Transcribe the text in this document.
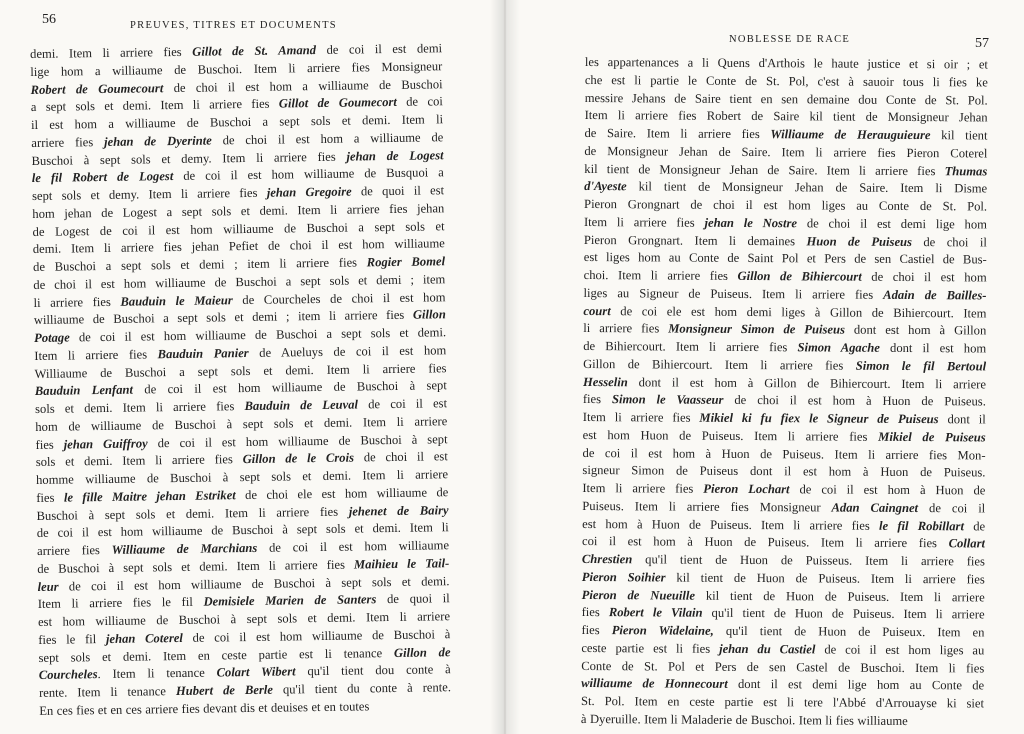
56	PREUVES, TITRES ET DOCUMENTS
demi. Item li arriere fies Gillot de St. Amand de coi il est demi
lige hom a williaume de Buschoi. Item li arriere fies Monsigneur
Robert de Goumecourt de choi il est hom a williaume de Buschoi
a sept sols et demi. Item li arriere fies Gillot de Goumecort de coi
il est hom a williaume de Buschoi a sept sols et demi. Item li
arriere fies jehan de Dyerinte de choi il est hom a williaume de
Buschoi à sept sols et demy. Item li arriere fies jehan de Logest
le fil Robert de Logest de coi il est hom williaume de Busquoi a
sept sols et demy. Item li arriere fies jehan Gregoire de quoi il est
hom jehan de Logest a sept sols et demi. Item li arriere fies jehan
de Logest de coi il est hom williaume de Buschoi a sept sols et
demi. Item li arriere fies jehan Pefiet de choi il est hom williaume
de Buschoi a sept sols et demi ; item li arriere fies Rogier Bomel
de choi il est hom williaume de Buschoi a sept sols et demi ; item
li arriere fies Bauduin le Maieur de Courcheles de choi il est hom
williaume de Buschoi a sept sols et demi ; item li arriere fies Gillon
Potage de coi il est hom williaume de Buschoi a sept sols et demi.
Item li arriere fies Bauduin Panier de Aueluys de coi il est hom
Williaume de Buschoi a sept sols et demi. Item li arriere fies
Bauduin Lenfant de coi il est hom williaume de Buschoi à sept
sols et demi. Item li arriere fies Bauduin de Leuval de coi il est
hom de williaume de Buschoi à sept sols et demi. Item li arriere
fies jehan Guiffroy de coi il est hom williaume de Buschoi à sept
sols et demi. Item li arriere fies Gillon de le Crois de choi il est
homme williaume de Buschoi à sept sols et demi. Item li arriere
fies le fille Maitre jehan Estriket de choi ele est hom williaume de
Buschoi à sept sols et demi. Item li arriere fies jehenet de Bairy
de coi il est hom williaume de Buschoi à sept sols et demi. Item li
arriere fies Williaume de Marchians de coi il est hom williaume
de Buschoi à sept sols et demi. Item li arriere fies Maihieu le Tail-
leur de coi il est hom williaume de Buschoi à sept sols et demi.
Item li arriere fies le fil Demisiele Marien de Santers de quoi il
est hom williaume de Buschoi à sept sols et demi. Item li arriere
fies le fil jehan Coterel de coi il est hom williaume de Buschoi à
sept sols et demi. Item en ceste partie est li tenance Gillon de
Courcheles. Item li tenance Colart Wibert qu'il tient dou conte à
rente. Item li tenance Hubert de Berle qu'il tient du conte à rente.
En ces fies et en ces arriere fies devant dis et deuises et en toutes
57
NOBLESSE DE RACE
les appartenances a li Quens d'Arthois le haute justice et si oir ; et
che est li partie le Conte de St. Pol, c'est à sauoir tous li fies ke
messire Jehans de Saire tient en sen demaine dou Conte de St. Pol.
Item li arriere fies Robert de Saire kil tient de Monsigneur Jehan
de Saire. Item li arriere fies Williaume de Herauguieure kil tient
de Monsigneur Jehan de Saire. Item li arriere fies Pieron Coterel
kil tient de Monsigneur Jehan de Saire. Item li arriere fies Thumas
d'Ayeste kil tient de Monsigneur Jehan de Saire. Item li Disme
Pieron Grongnart de choi il est hom liges au Conte de St. Pol.
Item li arriere fies jehan le Nostre de choi il est demi lige hom
Pieron Grongnart. Item li demaines Huon de Puiseus de choi il
est liges hom au Conte de Saint Pol et Pers de sen Castiel de Bus-
choi. Item li arriere fies Gillon de Bihiercourt de choi il est hom
liges au Signeur de Puiseus. Item li arriere fies Adain de Bailles-
court de coi ele est hom demi liges à Gillon de Bihiercourt. Item
li arriere fies Monsigneur Simon de Puiseus dont est hom à Gillon
de Bihiercourt. Item li arriere fies Simon Agache dont il est hom
Gillon de Bihiercourt. Item li arriere fies Simon le fil Bertoul
Hesselin dont il est hom à Gillon de Bihiercourt. Item li arriere
fies Simon le Vaasseur de choi il est hom à Huon de Puiseus.
Item li arriere fies Mikiel ki fu fiex le Signeur de Puiseus dont il
est hom Huon de Puiseus. Item li arriere fies Mikiel de Puiseus
de coi il est hom à Huon de Puiseus. Item li arriere fies Mon-
signeur Simon de Puiseus dont il est hom à Huon de Puiseus.
Item li arriere fies Pieron Lochart de coi il est hom à Huon de
Puiseus. Item li arriere fies Monsigneur Adan Caingnet de coi il
est hom à Huon de Puiseus. Item li arriere fies le fil Robillart de
coi il est hom à Huon de Puiseus. Item li arriere fies Collart
Chrestien qu'il tient de Huon de Puisseus. Item li arriere fies
Pieron Soihier kil tient de Huon de Puiseus. Item li arriere fies
Pieron de Nueuille kil tient de Huon de Puiseus. Item li arriere
fies Robert le Vilain qu'il tient de Huon de Puiseus. Item li arriere
fies Pieron Widelaine, qu'il tient de Huon de Puiseux. Item en
ceste partie est li fies jehan du Castiel de coi il est hom liges au
Conte de St. Pol et Pers de sen Castel de Buschoi. Item li fies
williaume de Honnecourt dont il est demi lige hom au Conte de
St. Pol. Item en ceste partie est li tere l'Abbé d'Arrouayse ki siet
à Dyeruille. Item li Maladerie de Buschoi. Item li fies williaume
